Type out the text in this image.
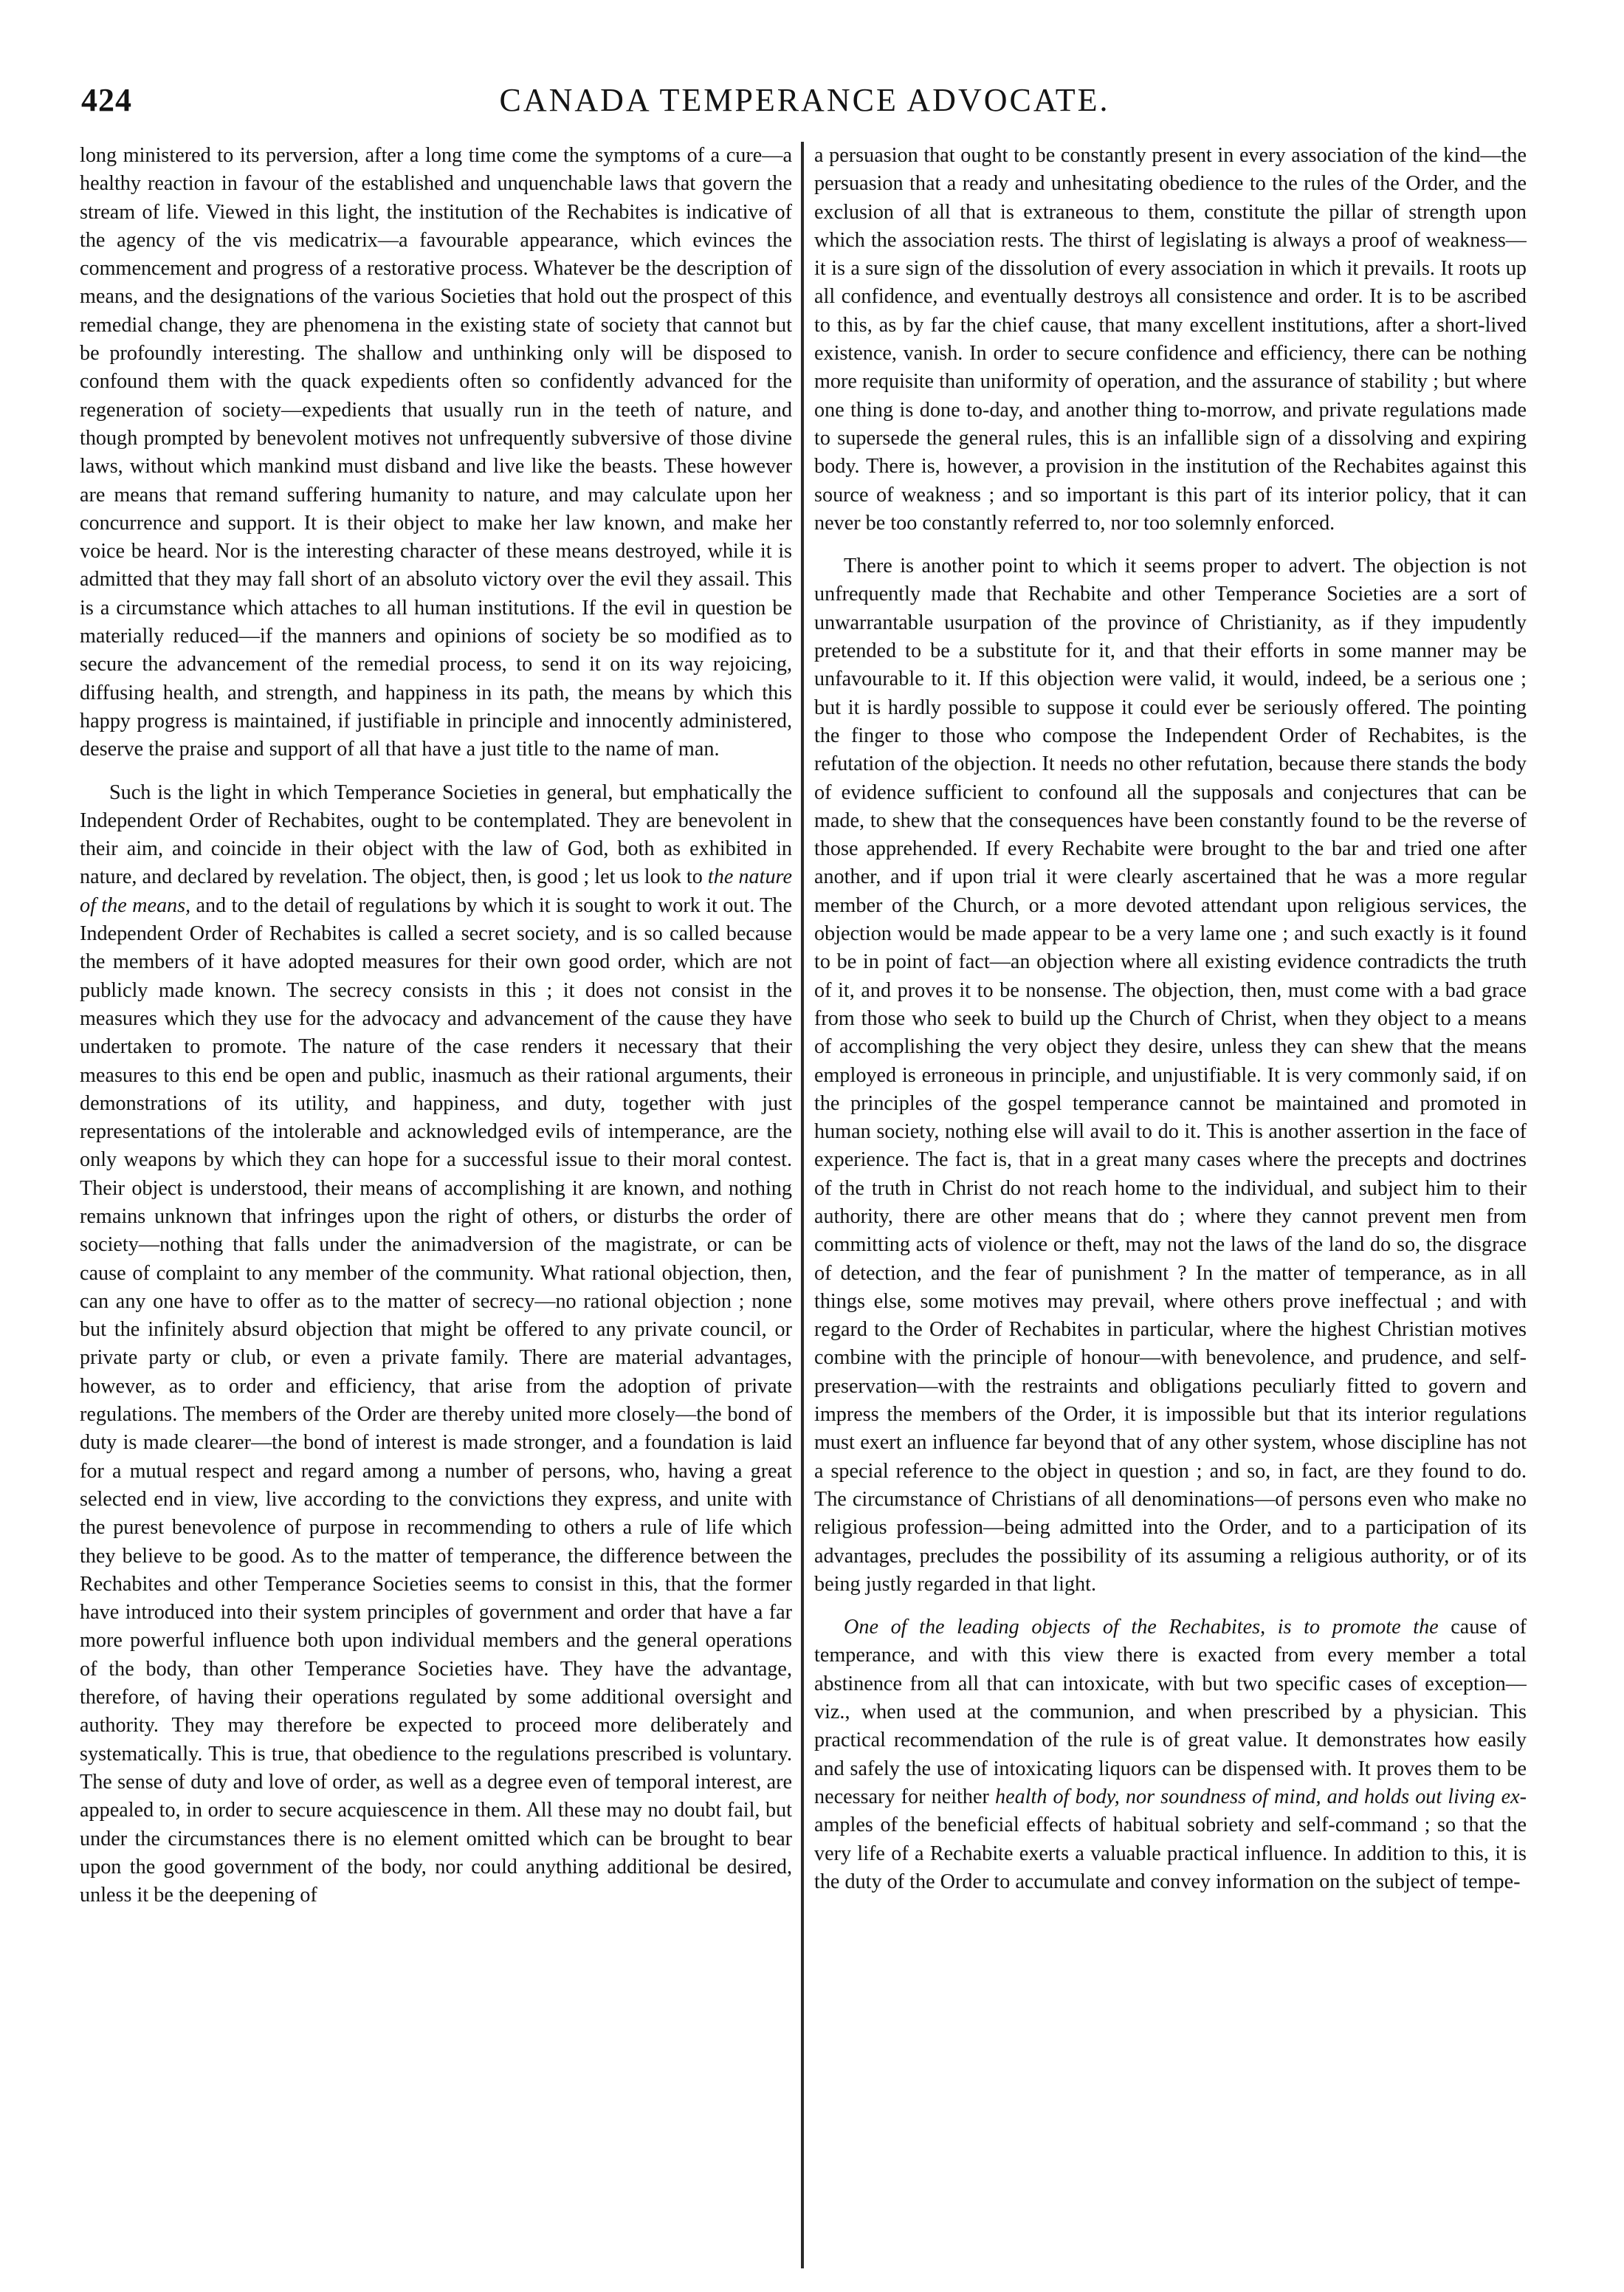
424	CANADA TEMPERANCE ADVOCATE.

long ministered to its perversion, after a long time come the symptoms of a cure—a healthy reaction in favour of the established and unquenchable laws that govern the stream of life. Viewed in this light, the institution of the Rechabites is indicative of the agency of the vis medicatrix—a favourable appearance, which evinces the commencement and progress of a restorative process. Whatever be the description of means, and the designations of the various Societies that hold out the prospect of this remedial change, they are phenomena in the existing state of society that cannot but be profoundly interesting. The shallow and unthinking only will be disposed to confound them with the quack expedients often so confidently advanced for the regeneration of society—expedients that usually run in the teeth of nature, and though prompted by benevolent motives not unfrequently subversive of those divine laws, without which mankind must disband and live like the beasts. These however are means that remand suffering humanity to nature, and may calculate upon her concurrence and support. It is their object to make her law known, and make her voice be heard. Nor is the interesting character of these means destroyed, while it is admitted that they may fall short of an absoluto victory over the evil they assail. This is a circumstance which attaches to all human institutions. If the evil in question be materially reduced—if the manners and opinions of society be so modified as to secure the advancement of the remedial process, to send it on its way rejoicing, diffusing health, and strength, and happiness in its path, the means by which this happy progress is maintained, if justifiable in principle and innocently administered, deserve the praise and support of all that have a just title to the name of man.

Such is the light in which Temperance Societies in general, but emphatically the Independent Order of Rechabites, ought to be contemplated. They are benevolent in their aim, and coincide in their object with the law of God, both as exhibited in nature, and declared by revelation. The object, then, is good ; let us look to the nature of the means, and to the detail of regulations by which it is sought to work it out. The Independent Order of Rechabites is called a secret society, and is so called because the members of it have adopted measures for their own good order, which are not publicly made known. The secrecy consists in this ; it does not consist in the measures which they use for the advocacy and advancement of the cause they have undertaken to promote. The nature of the case renders it necessary that their measures to this end be open and public, inasmuch as their rational arguments, their demonstrations of its utility, and happiness, and duty, together with just representations of the intolerable and acknowledged evils of intemperance, are the only weapons by which they can hope for a successful issue to their moral contest. Their object is understood, their means of accomplishing it are known, and nothing remains unknown that infringes upon the right of others, or disturbs the order of society—nothing that falls under the animadversion of the magistrate, or can be cause of complaint to any member of the community. What rational objection, then, can any one have to offer as to the matter of secrecy—no rational objection ; none but the infinitely absurd objection that might be offered to any private council, or private party or club, or even a private family. There are material advantages, however, as to order and efficiency, that arise from the adoption of private regulations. The members of the Order are thereby united more closely—the bond of duty is made clearer—the bond of interest is made stronger, and a foundation is laid for a mutual respect and regard among a number of persons, who, having a great selected end in view, live according to the convictions they express, and unite with the purest benevolence of purpose in recommending to others a rule of life which they believe to be good. As to the matter of temperance, the difference between the Rechabites and other Temperance Societies seems to consist in this, that the former have introduced into their system principles of government and order that have a far more powerful influence both upon individual members and the general operations of the body, than other Temperance Societies have. They have the advantage, therefore, of having their operations regulated by some additional oversight and authority. They may therefore be expected to proceed more deliberately and systematically. This is true, that obedience to the regulations prescribed is voluntary. The sense of duty and love of order, as well as a degree even of temporal interest, are appealed to, in order to secure acquiescence in them. All these may no doubt fail, but under the circumstances there is no element omitted which can be brought to bear upon the good government of the body, nor could anything additional be desired, unless it be the deepening of

a persuasion that ought to be constantly present in every association of the kind—the persuasion that a ready and unhesitating obedience to the rules of the Order, and the exclusion of all that is extraneous to them, constitute the pillar of strength upon which the association rests. The thirst of legislating is always a proof of weakness—it is a sure sign of the dissolution of every association in which it prevails. It roots up all confidence, and eventually destroys all consistence and order. It is to be ascribed to this, as by far the chief cause, that many excellent institutions, after a short-lived existence, vanish. In order to secure confidence and efficiency, there can be nothing more requisite than uniformity of operation, and the assurance of stability ; but where one thing is done to-day, and another thing to-morrow, and private regulations made to supersede the general rules, this is an infallible sign of a dissolving and expiring body. There is, however, a provision in the institution of the Rechabites against this source of weakness ; and so important is this part of its interior policy, that it can never be too constantly referred to, nor too solemnly enforced.

There is another point to which it seems proper to advert. The objection is not unfrequently made that Rechabite and other Temperance Societies are a sort of unwarrantable usurpation of the province of Christianity, as if they impudently pretended to be a substitute for it, and that their efforts in some manner may be unfavourable to it. If this objection were valid, it would, indeed, be a serious one ; but it is hardly possible to suppose it could ever be seriously offered. The pointing the finger to those who compose the Independent Order of Rechabites, is the refutation of the objection. It needs no other refutation, because there stands the body of evidence sufficient to confound all the supposals and conjectures that can be made, to shew that the consequences have been constantly found to be the reverse of those apprehended. If every Rechabite were brought to the bar and tried one after another, and if upon trial it were clearly ascertained that he was a more regular member of the Church, or a more devoted attendant upon religious services, the objection would be made appear to be a very lame one ; and such exactly is it found to be in point of fact—an objection where all existing evidence contradicts the truth of it, and proves it to be nonsense. The objection, then, must come with a bad grace from those who seek to build up the Church of Christ, when they object to a means of accomplishing the very object they desire, unless they can shew that the means employed is erroneous in principle, and unjustifiable. It is very commonly said, if on the principles of the gospel temperance cannot be maintained and promoted in human society, nothing else will avail to do it. This is another assertion in the face of experience. The fact is, that in a great many cases where the precepts and doctrines of the truth in Christ do not reach home to the individual, and subject him to their authority, there are other means that do ; where they cannot prevent men from committing acts of violence or theft, may not the laws of the land do so, the disgrace of detection, and the fear of punishment ? In the matter of temperance, as in all things else, some motives may prevail, where others prove ineffectual ; and with regard to the Order of Rechabites in particular, where the highest Christian motives combine with the principle of honour—with benevolence, and prudence, and self-preservation—with the restraints and obligations peculiarly fitted to govern and impress the members of the Order, it is impossible but that its interior regulations must exert an influence far beyond that of any other system, whose discipline has not a special reference to the object in question ; and so, in fact, are they found to do. The circumstance of Christians of all denominations—of persons even who make no religious profession—being admitted into the Order, and to a participation of its advantages, precludes the possibility of its assuming a religious authority, or of its being justly regarded in that light.

One of the leading objects of the Rechabites, is to promote the cause of temperance, and with this view there is exacted from every member a total abstinence from all that can intoxicate, with but two specific cases of exception—viz., when used at the communion, and when prescribed by a physician. This practical recommendation of the rule is of great value. It demonstrates how easily and safely the use of intoxicating liquors can be dispensed with. It proves them to be necessary for neither health of body, nor soundness of mind, and holds out living ex-amples of the beneficial effects of habitual sobriety and self-command ; so that the very life of a Rechabite exerts a valuable practical influence. In addition to this, it is the duty of the Order to accumulate and convey information on the subject of tempe-
